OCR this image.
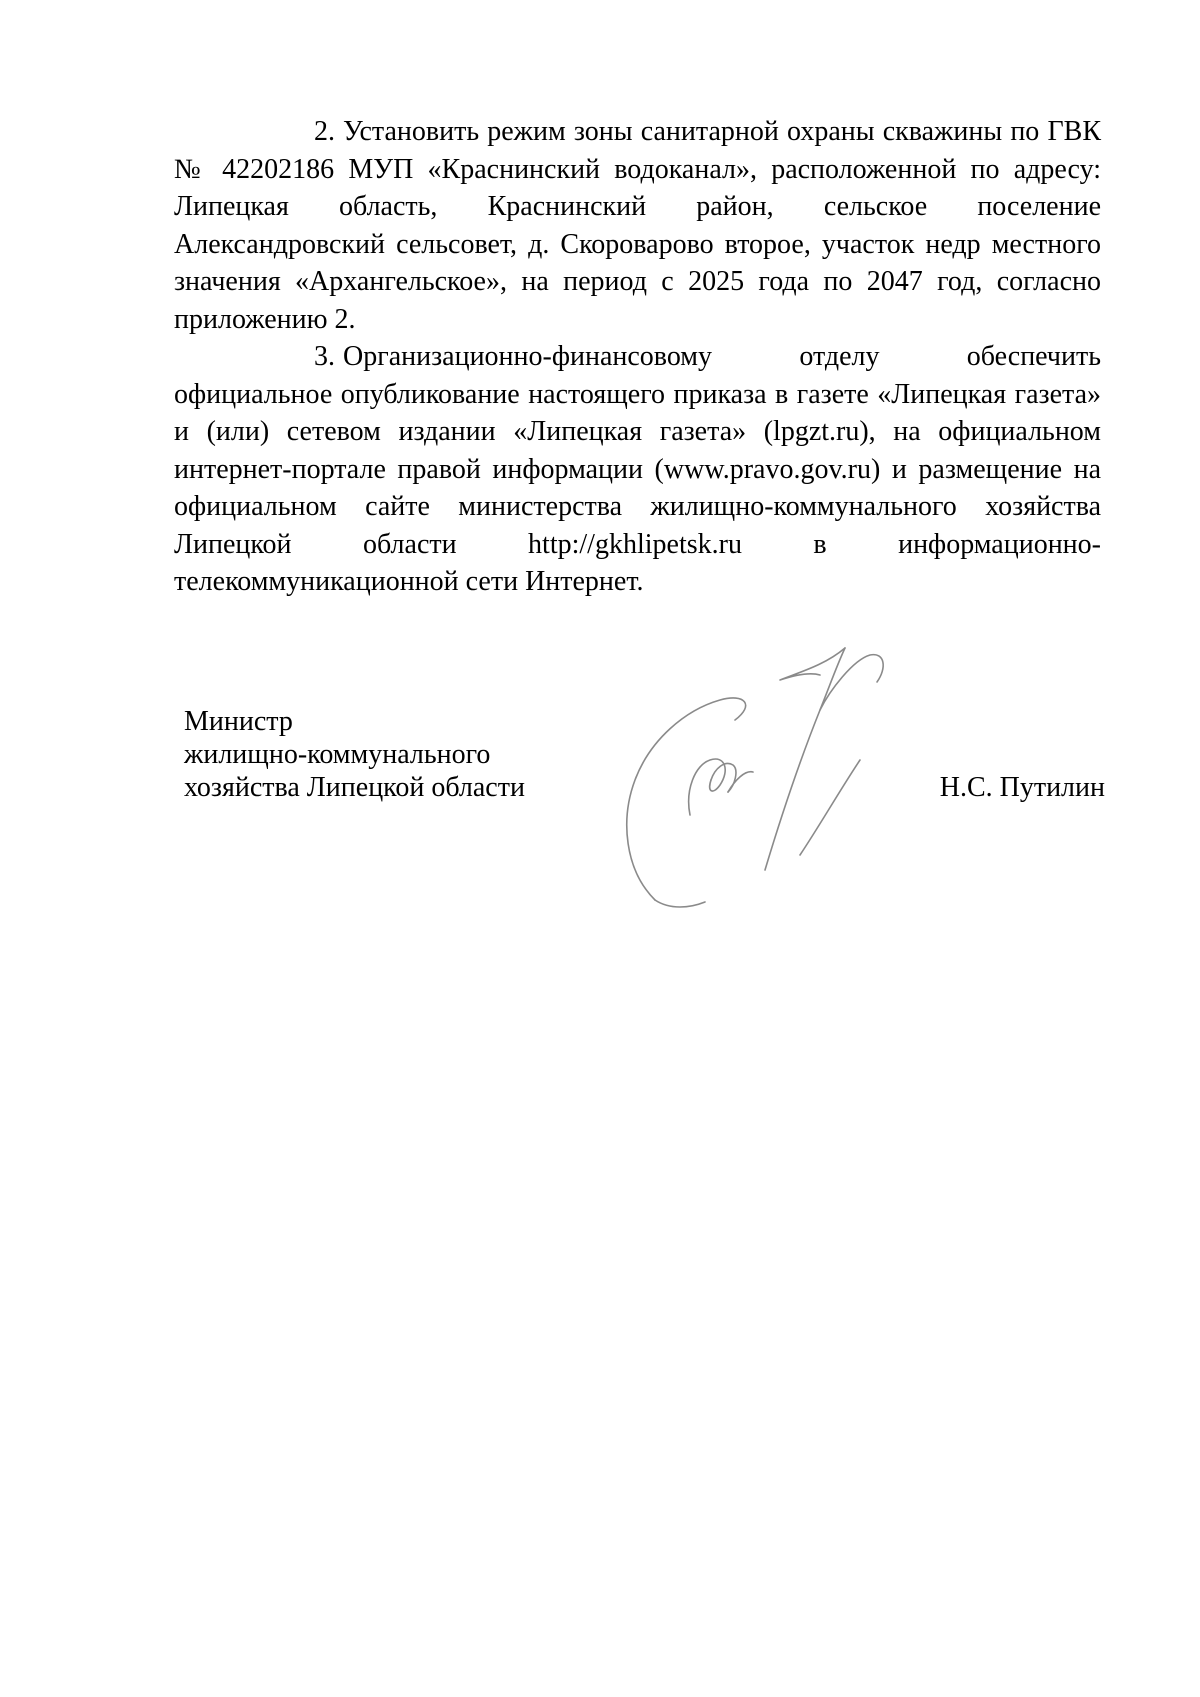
2. Установить режим зоны санитарной охраны скважины по ГВК № 42202186 МУП «Краснинский водоканал», расположенной по адресу: Липецкая область, Краснинский район, сельское поселение Александровский сельсовет, д. Скороварово второе, участок недр местного значения «Архангельское», на период с 2025 года по 2047 год, согласно приложению 2.

3. Организационно-финансовому отделу обеспечить официальное опубликование настоящего приказа в газете «Липецкая газета» и (или) сетевом издании «Липецкая газета» (lpgzt.ru), на официальном интернет-портале правой информации (www.pravo.gov.ru) и размещение на официальном сайте министерства жилищно-коммунального хозяйства Липецкой области http://gkhlipetsk.ru в информационно-телекоммуникационной сети Интернет.

Министр
жилищно-коммунального
хозяйства Липецкой области	Н.С. Путилин
